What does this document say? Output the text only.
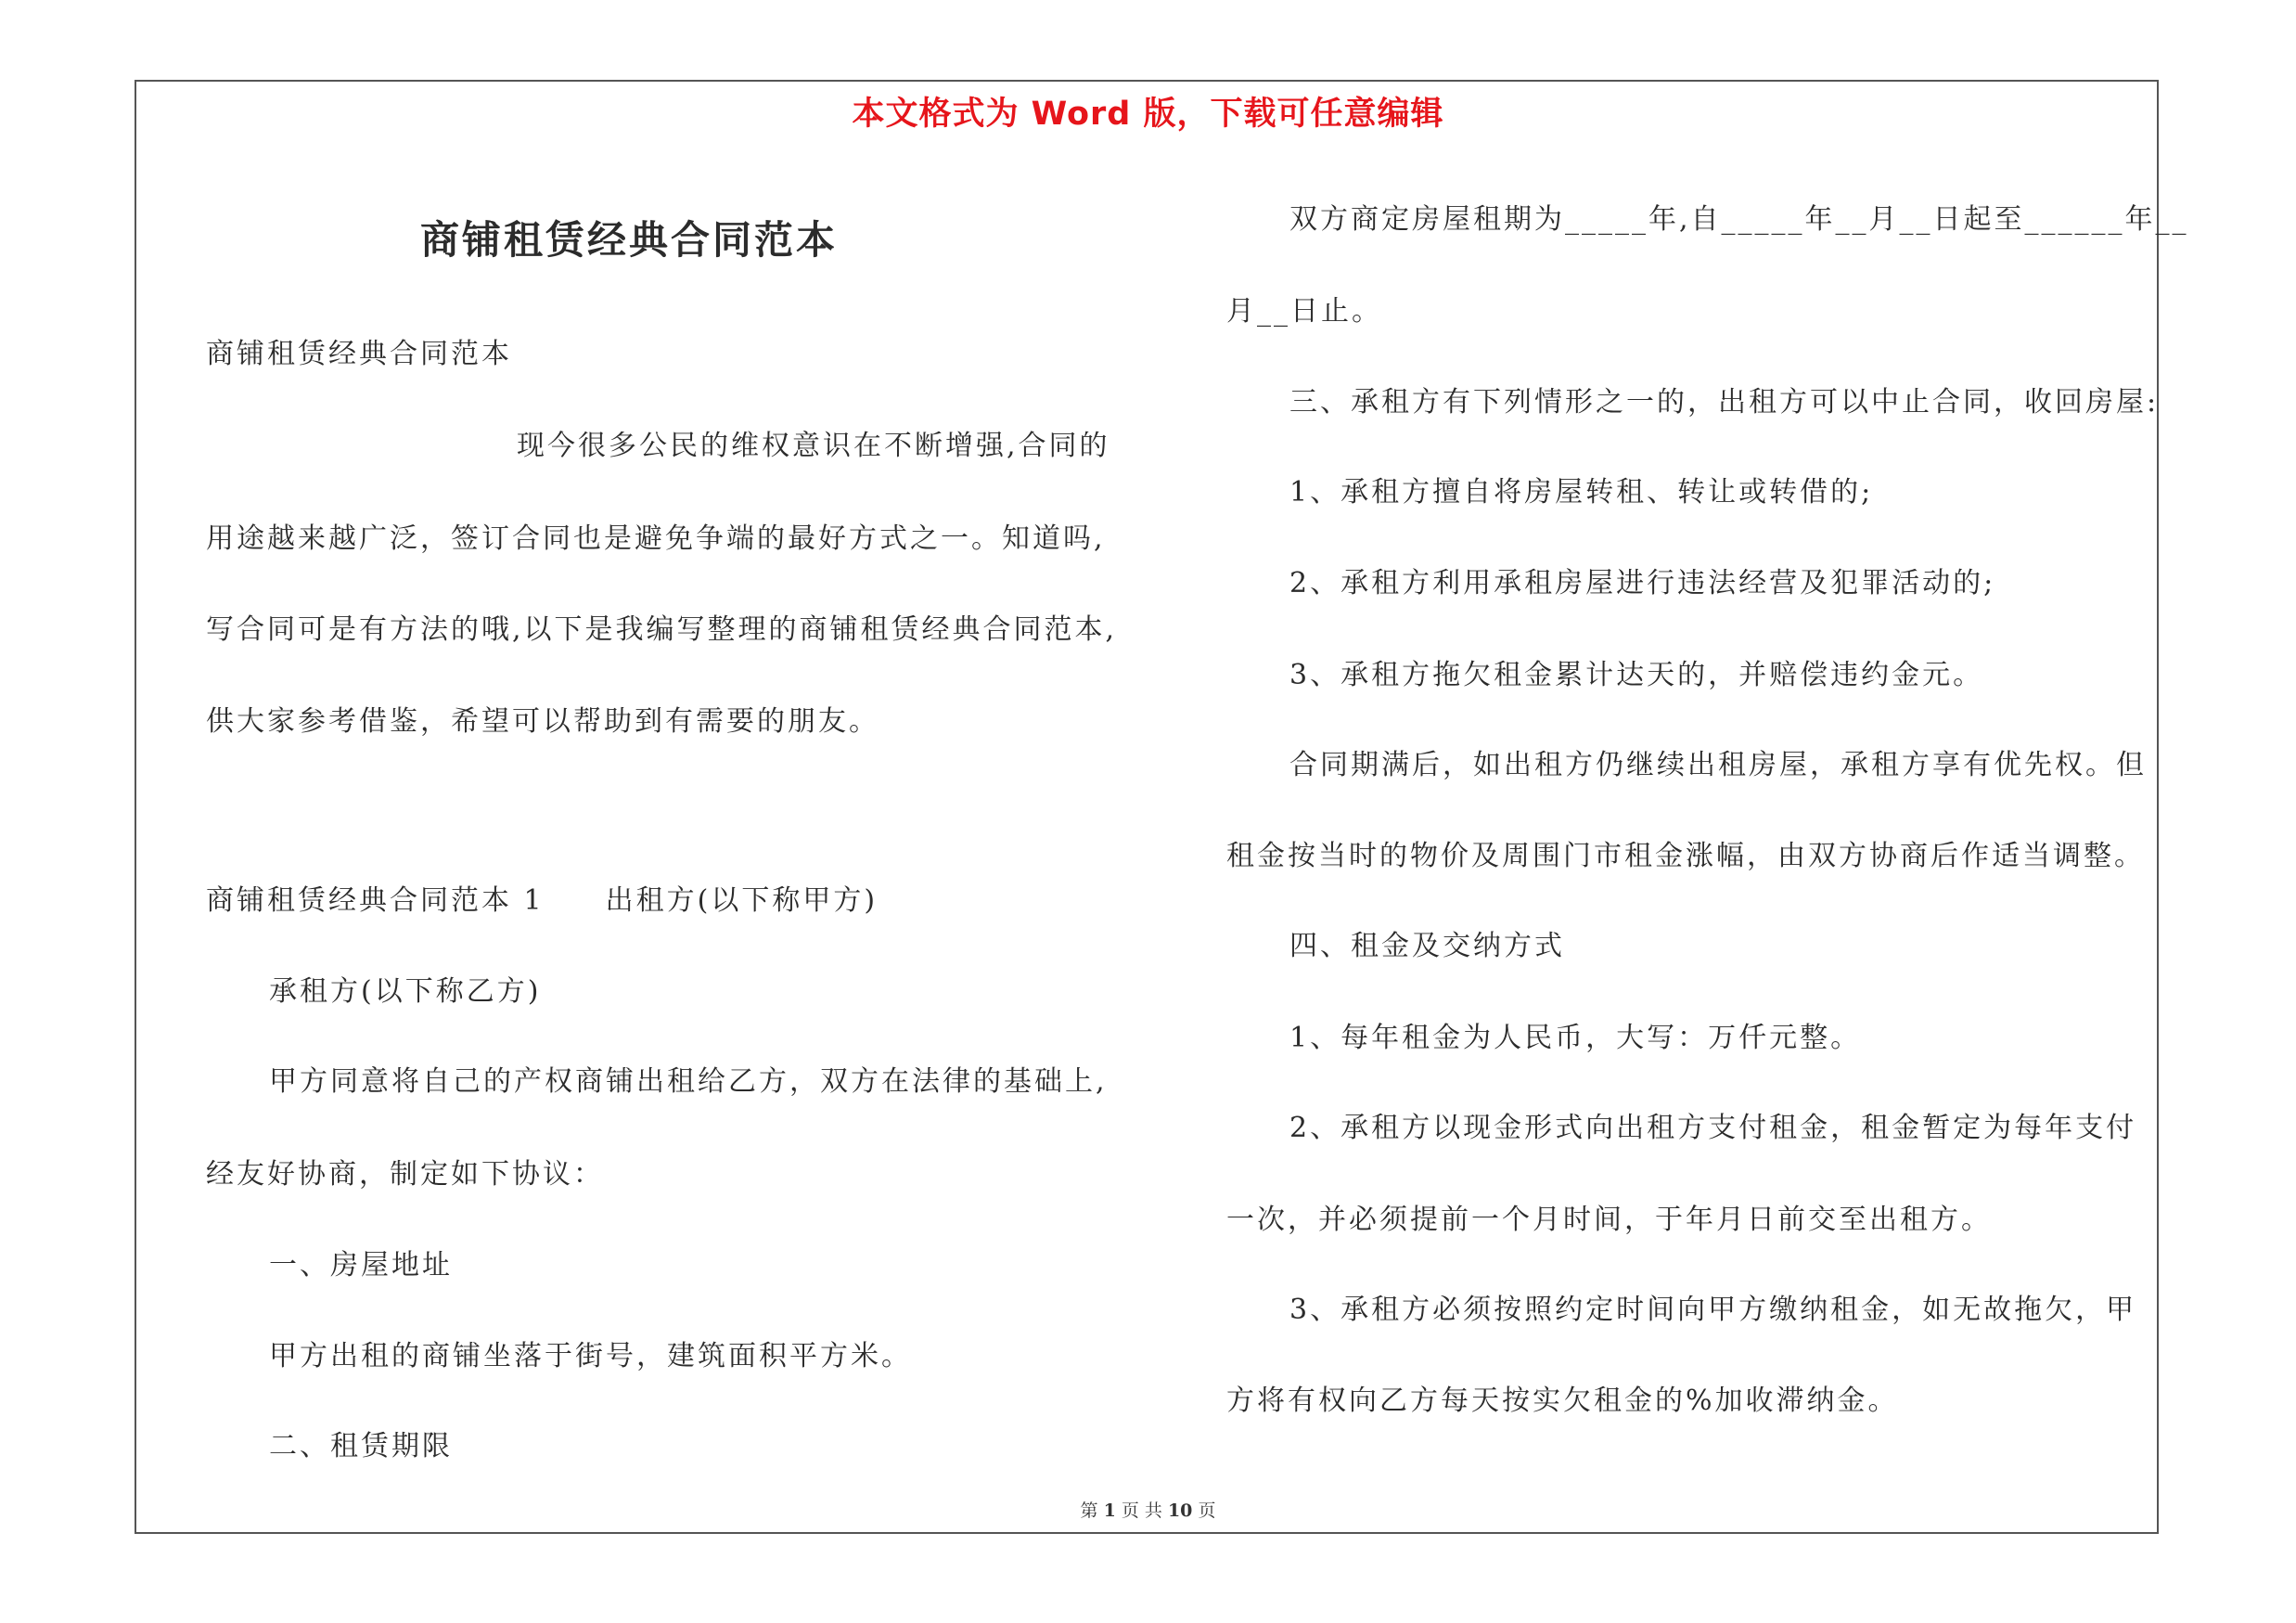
本文格式为 Word 版，下载可任意编辑
商铺租赁经典合同范本
商铺租赁经典合同范本
现今很多公民的维权意识在不断增强,合同的
用途越来越广泛，签订合同也是避免争端的最好方式之一。知道吗,
写合同可是有方法的哦,以下是我编写整理的商铺租赁经典合同范本,
供大家参考借鉴，希望可以帮助到有需要的朋友。
商铺租赁经典合同范本 1　　出租方(以下称甲方)
承租方(以下称乙方)
甲方同意将自己的产权商铺出租给乙方，双方在法律的基础上,
经友好协商，制定如下协议：
一、房屋地址
甲方出租的商铺坐落于街号，建筑面积平方米。
二、租赁期限
双方商定房屋租期为_____年,自_____年__月__日起至______年__
月__日止。
三、承租方有下列情形之一的，出租方可以中止合同，收回房屋:
1、承租方擅自将房屋转租、转让或转借的;
2、承租方利用承租房屋进行违法经营及犯罪活动的;
3、承租方拖欠租金累计达天的，并赔偿违约金元。
合同期满后，如出租方仍继续出租房屋，承租方享有优先权。但
租金按当时的物价及周围门市租金涨幅，由双方协商后作适当调整。
四、租金及交纳方式
1、每年租金为人民币，大写：万仟元整。
2、承租方以现金形式向出租方支付租金，租金暂定为每年支付
一次，并必须提前一个月时间，于年月日前交至出租方。
3、承租方必须按照约定时间向甲方缴纳租金，如无故拖欠，甲
方将有权向乙方每天按实欠租金的%加收滞纳金。
第 1 页 共 10 页
